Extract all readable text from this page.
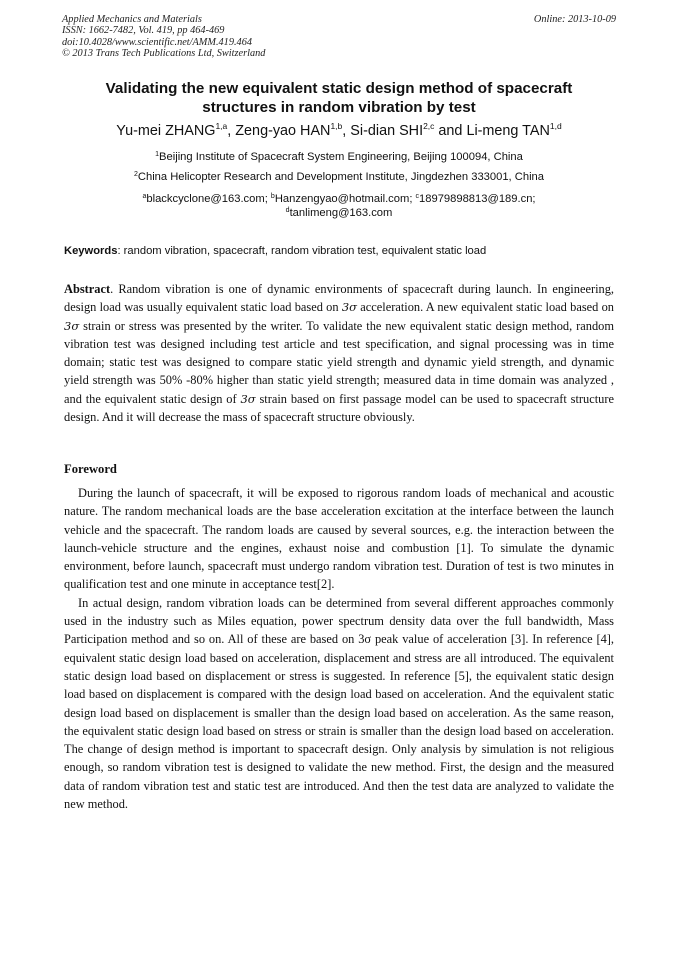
Applied Mechanics and Materials
ISSN: 1662-7482, Vol. 419, pp 464-469
doi:10.4028/www.scientific.net/AMM.419.464
© 2013 Trans Tech Publications Ltd, Switzerland
Online: 2013-10-09
Validating the new equivalent static design method of spacecraft
structures in random vibration by test
Yu-mei ZHANG$^{1,a}$, Zeng-yao HAN$^{1,b}$, Si-dian SHI$^{2,c}$ and Li-meng TAN$^{1,d}$
$^1$Beijing Institute of Spacecraft System Engineering, Beijing 100094, China
$^2$China Helicopter Research and Development Institute, Jingdezhen 333001, China
$^a$blackcyclone@163.com; $^b$Hanzengyao@hotmail.com; $^c$18979898813@189.cn;
$^d$tanlimeng@163.com
Keywords: random vibration, spacecraft, random vibration test, equivalent static load

Abstract. Random vibration is one of dynamic environments of spacecraft during launch. In engineering, design load was usually equivalent static load based on 3σ acceleration. A new equivalent static load based on 3σ strain or stress was presented by the writer. To validate the new equivalent static design method, random vibration test was designed including test article and test specification, and signal processing was in time domain; static test was designed to compare static yield strength and dynamic yield strength, and dynamic yield strength was 50% -80% higher than static yield strength; measured data in time domain was analyzed , and the equivalent static design of 3σ strain based on first passage model can be used to spacecraft structure design. And it will decrease the mass of spacecraft structure obviously.

Foreword

During the launch of spacecraft, it will be exposed to rigorous random loads of mechanical and acoustic nature. The random mechanical loads are the base acceleration excitation at the interface between the launch vehicle and the spacecraft. The random loads are caused by several sources, e.g. the interaction between the launch-vehicle structure and the engines, exhaust noise and combustion [1]. To simulate the dynamic environment, before launch, spacecraft must undergo random vibration test. Duration of test is two minutes in qualification test and one minute in acceptance test[2].

In actual design, random vibration loads can be determined from several different approaches commonly used in the industry such as Miles equation, power spectrum density data over the full bandwidth, Mass Participation method and so on. All of these are based on 3σ peak value of acceleration [3]. In reference [4], equivalent static design load based on acceleration, displacement and stress are all introduced. The equivalent static design load based on displacement or stress is suggested. In reference [5], the equivalent static design load based on displacement is compared with the design load based on acceleration. And the equivalent static design load based on displacement is smaller than the design load based on acceleration. As the same reason, the equivalent static design load based on stress or strain is smaller than the design load based on acceleration. The change of design method is important to spacecraft design. Only analysis by simulation is not religious enough, so random vibration test is designed to validate the new method. First, the design and the measured data of random vibration test and static test are introduced. And then the test data are analyzed to validate the new method.
